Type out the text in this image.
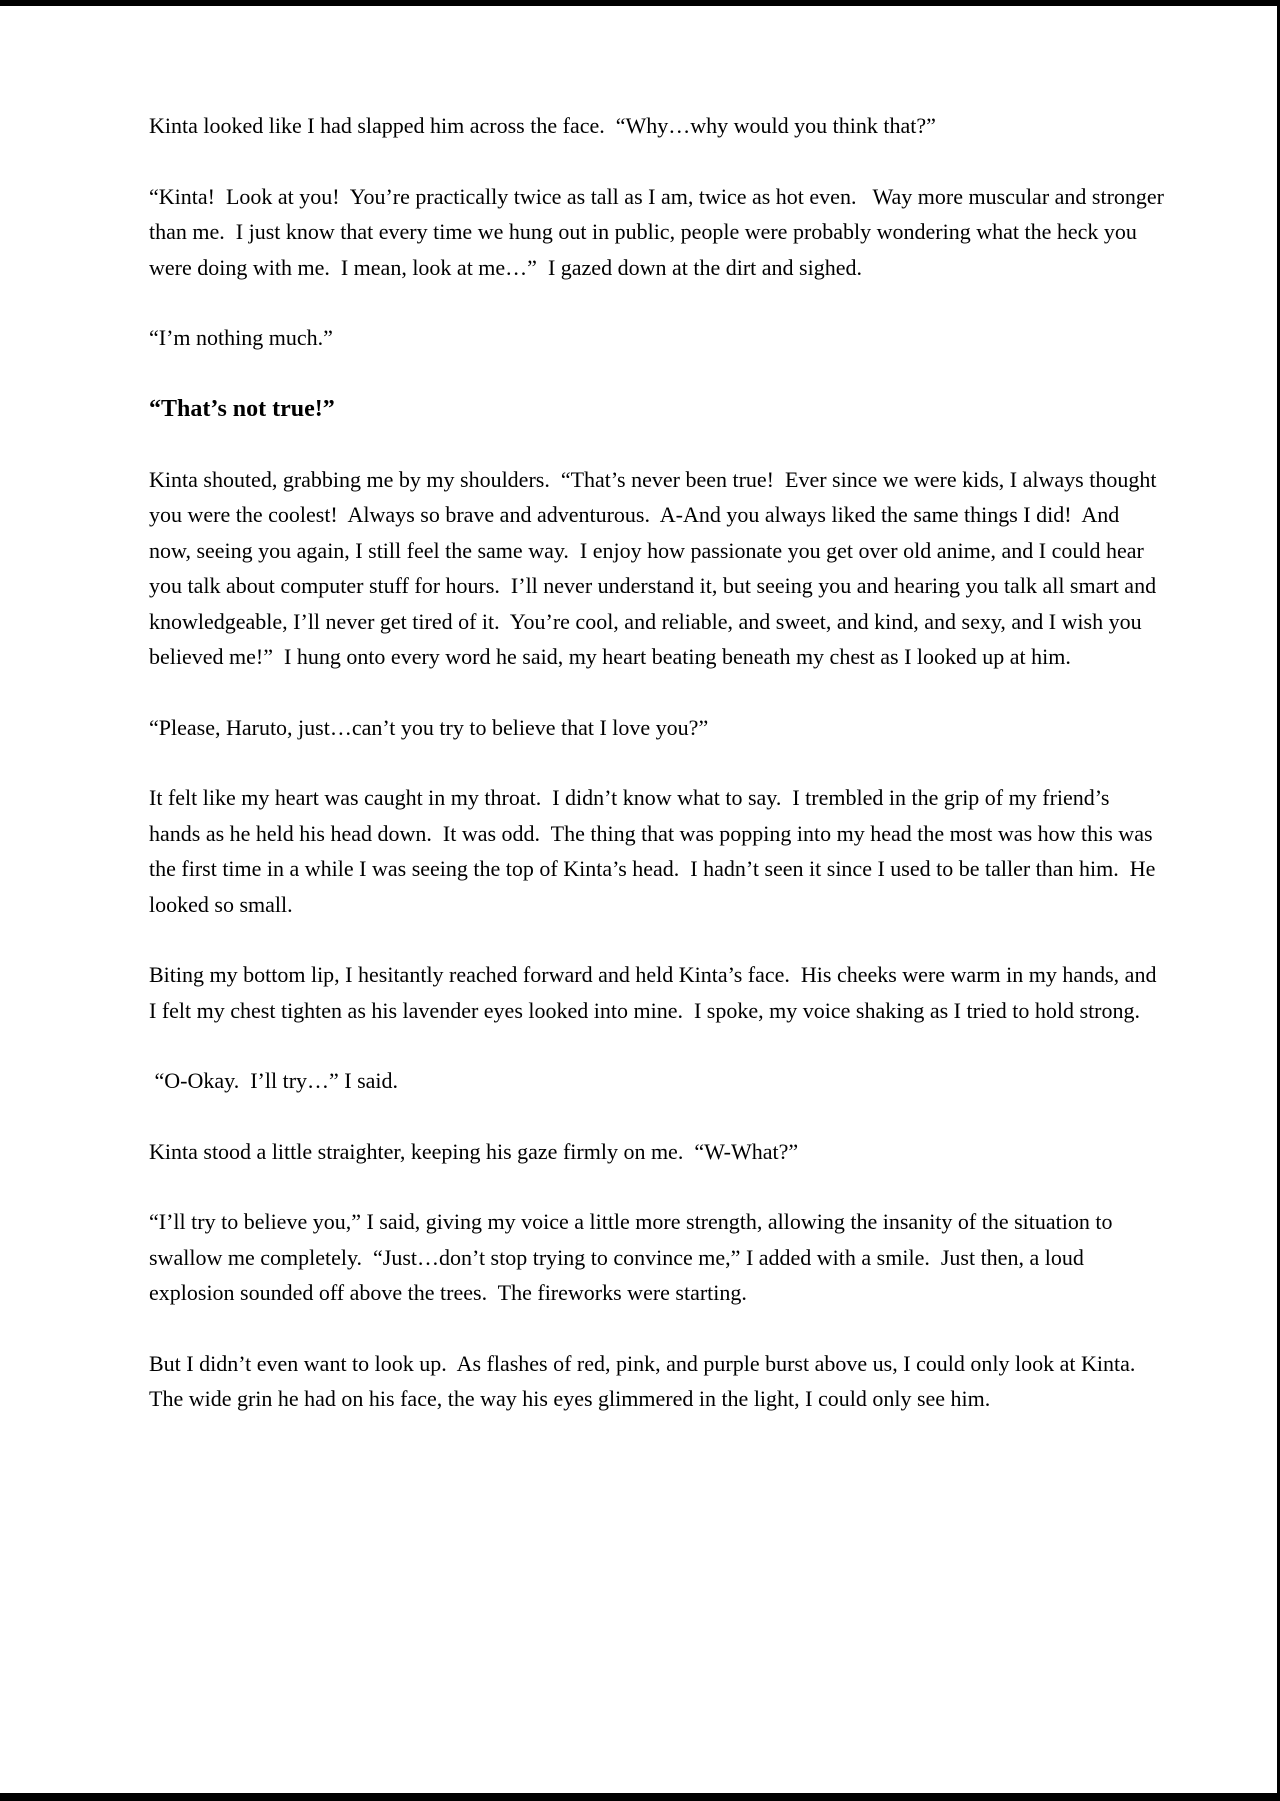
Kinta looked like I had slapped him across the face.  “Why…why would you think that?”

“Kinta!  Look at you!  You’re practically twice as tall as I am, twice as hot even.   Way more muscular and stronger than me.  I just know that every time we hung out in public, people were probably wondering what the heck you were doing with me.  I mean, look at me…”  I gazed down at the dirt and sighed.

“I’m nothing much.”

“That’s not true!”

Kinta shouted, grabbing me by my shoulders.  “That’s never been true!  Ever since we were kids, I always thought you were the coolest!  Always so brave and adventurous.  A-And you always liked the same things I did!  And now, seeing you again, I still feel the same way.  I enjoy how passionate you get over old anime, and I could hear you talk about computer stuff for hours.  I’ll never understand it, but seeing you and hearing you talk all smart and knowledgeable, I’ll never get tired of it.  You’re cool, and reliable, and sweet, and kind, and sexy, and I wish you believed me!”  I hung onto every word he said, my heart beating beneath my chest as I looked up at him.

“Please, Haruto, just…can’t you try to believe that I love you?”

It felt like my heart was caught in my throat.  I didn’t know what to say.  I trembled in the grip of my friend’s hands as he held his head down.  It was odd.  The thing that was popping into my head the most was how this was the first time in a while I was seeing the top of Kinta’s head.  I hadn’t seen it since I used to be taller than him.  He looked so small.

Biting my bottom lip, I hesitantly reached forward and held Kinta’s face.  His cheeks were warm in my hands, and I felt my chest tighten as his lavender eyes looked into mine.  I spoke, my voice shaking as I tried to hold strong.

“O-Okay.  I’ll try…” I said.

Kinta stood a little straighter, keeping his gaze firmly on me.  “W-What?”

“I’ll try to believe you,” I said, giving my voice a little more strength, allowing the insanity of the situation to swallow me completely.  “Just…don’t stop trying to convince me,” I added with a smile.  Just then, a loud explosion sounded off above the trees.  The fireworks were starting.

But I didn’t even want to look up.  As flashes of red, pink, and purple burst above us, I could only look at Kinta.  The wide grin he had on his face, the way his eyes glimmered in the light, I could only see him.
